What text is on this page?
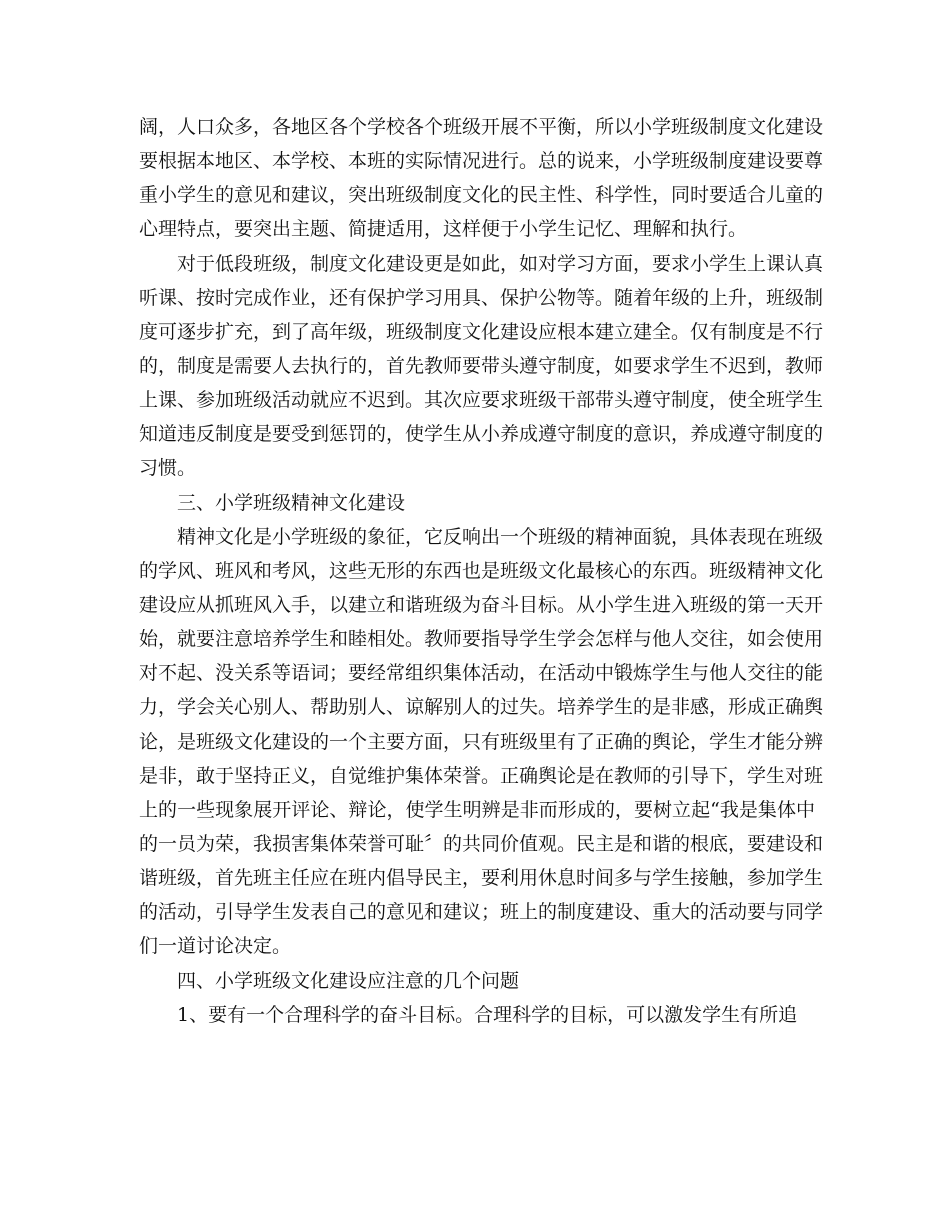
阔，人口众多，各地区各个学校各个班级开展不平衡，所以小学班级制度文化建设
要根据本地区、本学校、本班的实际情况进行。总的说来，小学班级制度建设要尊
重小学生的意见和建议，突出班级制度文化的民主性、科学性，同时要适合儿童的
心理特点，要突出主题、简捷适用，这样便于小学生记忆、理解和执行。
对于低段班级，制度文化建设更是如此，如对学习方面，要求小学生上课认真
听课、按时完成作业，还有保护学习用具、保护公物等。随着年级的上升，班级制
度可逐步扩充，到了高年级，班级制度文化建设应根本建立建全。仅有制度是不行
的，制度是需要人去执行的，首先教师要带头遵守制度，如要求学生不迟到，教师
上课、参加班级活动就应不迟到。其次应要求班级干部带头遵守制度，使全班学生
知道违反制度是要受到惩罚的，使学生从小养成遵守制度的意识，养成遵守制度的
习惯。
三、小学班级精神文化建设
精神文化是小学班级的象征，它反响出一个班级的精神面貌，具体表现在班级
的学风、班风和考风，这些无形的东西也是班级文化最核心的东西。班级精神文化
建设应从抓班风入手，以建立和谐班级为奋斗目标。从小学生进入班级的第一天开
始，就要注意培养学生和睦相处。教师要指导学生学会怎样与他人交往，如会使用
对不起、没关系等语词；要经常组织集体活动，在活动中锻炼学生与他人交往的能
力，学会关心别人、帮助别人、谅解别人的过失。培养学生的是非感，形成正确舆
论，是班级文化建设的一个主要方面，只有班级里有了正确的舆论，学生才能分辨
是非，敢于坚持正义，自觉维护集体荣誉。正确舆论是在教师的引导下，学生对班
上的一些现象展开评论、辩论，使学生明辨是非而形成的，要树立起“我是集体中
的一员为荣，我损害集体荣誉可耻〞的共同价值观。民主是和谐的根底，要建设和
谐班级，首先班主任应在班内倡导民主，要利用休息时间多与学生接触，参加学生
的活动，引导学生发表自己的意见和建议；班上的制度建设、重大的活动要与同学
们一道讨论决定。
四、小学班级文化建设应注意的几个问题
1、要有一个合理科学的奋斗目标。合理科学的目标，可以激发学生有所追
